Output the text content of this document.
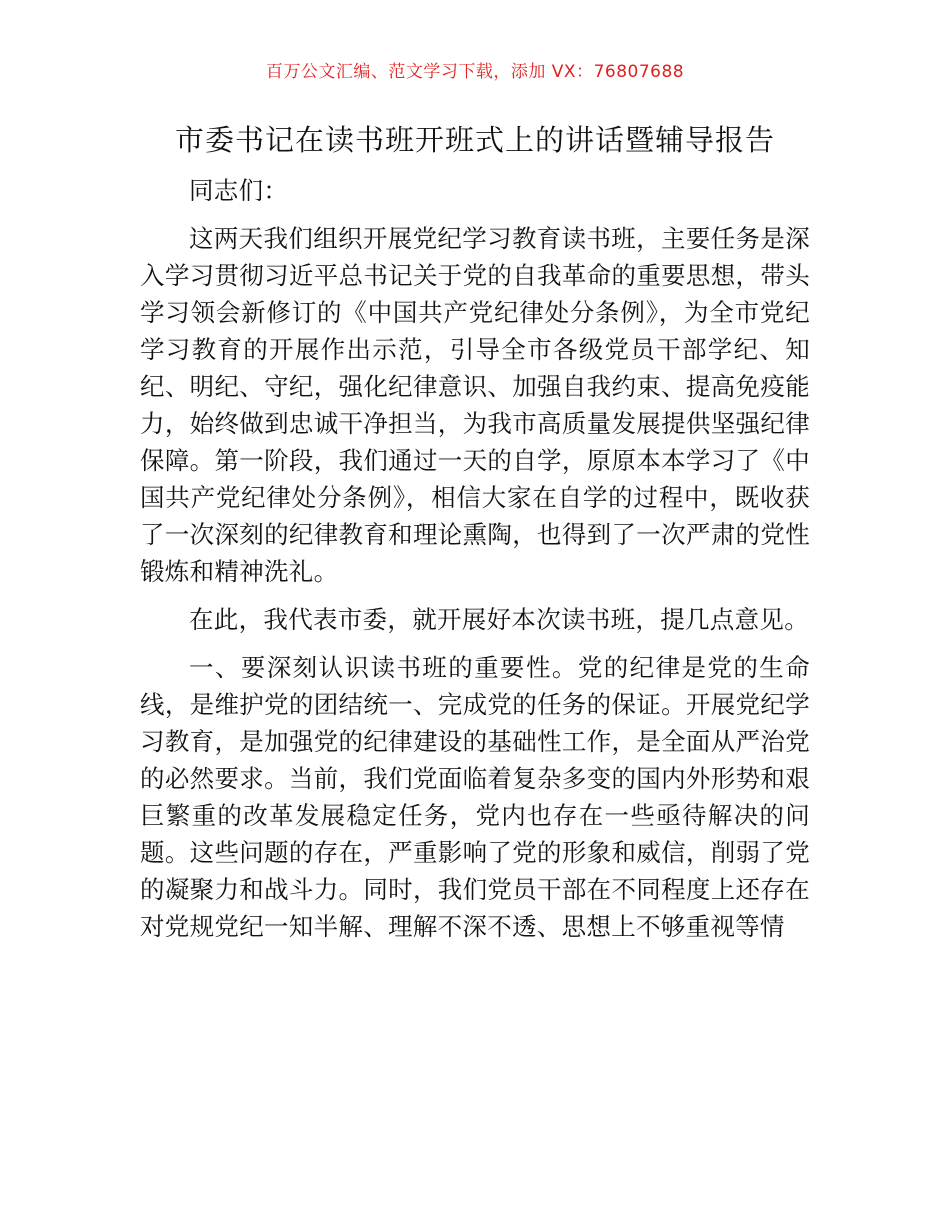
百万公文汇编、范文学习下载，添加 VX：76807688
市委书记在读书班开班式上的讲话暨辅导报告

同志们：

这两天我们组织开展党纪学习教育读书班，主要任务是深入学习贯彻习近平总书记关于党的自我革命的重要思想，带头学习领会新修订的《中国共产党纪律处分条例》，为全市党纪学习教育的开展作出示范，引导全市各级党员干部学纪、知纪、明纪、守纪，强化纪律意识、加强自我约束、提高免疫能力，始终做到忠诚干净担当，为我市高质量发展提供坚强纪律保障。第一阶段，我们通过一天的自学，原原本本学习了《中国共产党纪律处分条例》，相信大家在自学的过程中，既收获了一次深刻的纪律教育和理论熏陶，也得到了一次严肃的党性锻炼和精神洗礼。

在此，我代表市委，就开展好本次读书班，提几点意见。

一、要深刻认识读书班的重要性。党的纪律是党的生命线，是维护党的团结统一、完成党的任务的保证。开展党纪学习教育，是加强党的纪律建设的基础性工作，是全面从严治党的必然要求。当前，我们党面临着复杂多变的国内外形势和艰巨繁重的改革发展稳定任务，党内也存在一些亟待解决的问题。这些问题的存在，严重影响了党的形象和威信，削弱了党的凝聚力和战斗力。同时，我们党员干部在不同程度上还存在对党规党纪一知半解、理解不深不透、思想上不够重视等情
